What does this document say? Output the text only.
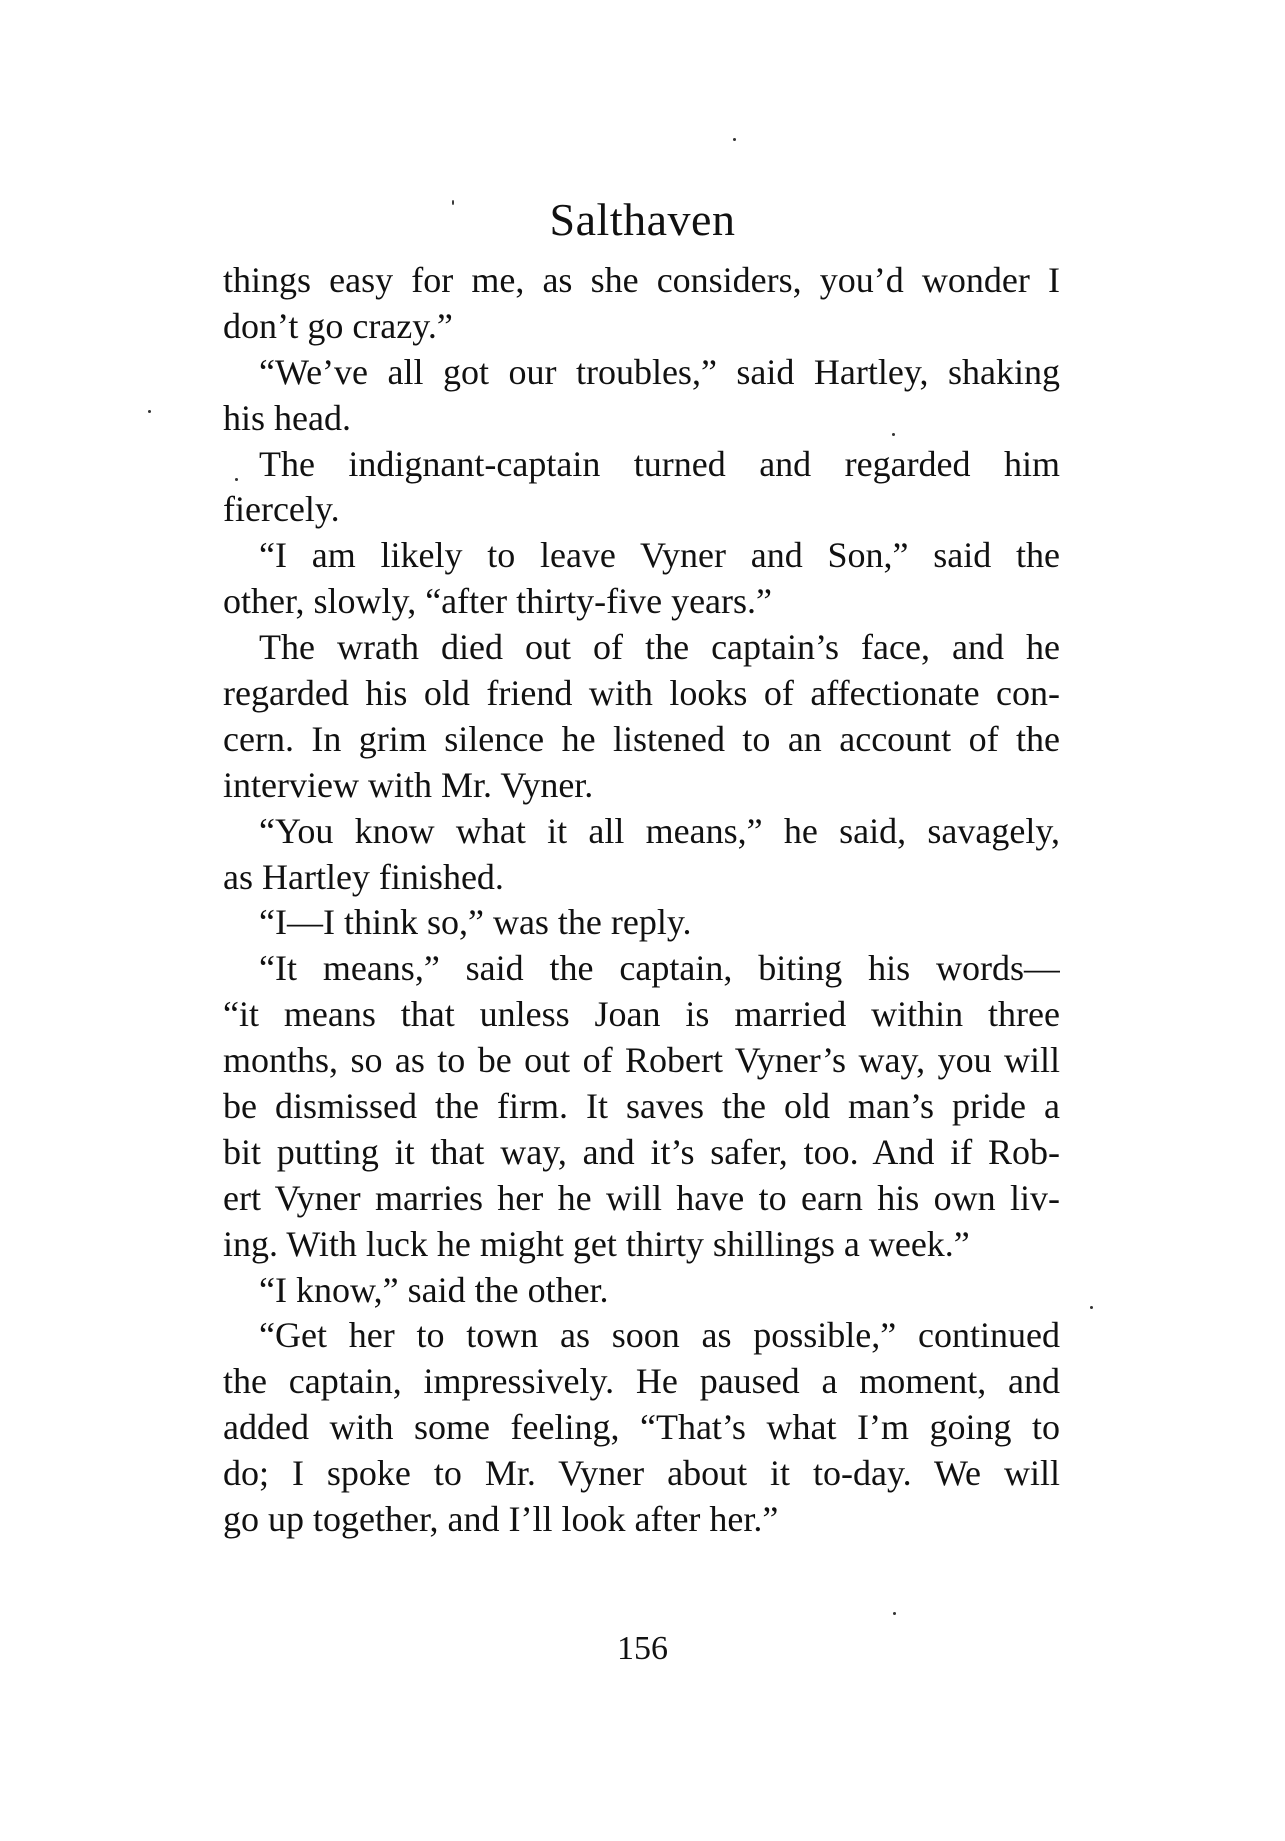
Salthaven
things easy for me, as she considers, you’d wonder I
don’t go crazy.”
“We’ve all got our troubles,” said Hartley, shaking
his head.
The indignant-captain turned and regarded him
fiercely.
“I am likely to leave Vyner and Son,” said the
other, slowly, “after thirty-five years.”
The wrath died out of the captain’s face, and he
regarded his old friend with looks of affectionate con-
cern. In grim silence he listened to an account of the
interview with Mr. Vyner.
“You know what it all means,” he said, savagely,
as Hartley finished.
“I—I think so,” was the reply.
“It means,” said the captain, biting his words—
“it means that unless Joan is married within three
months, so as to be out of Robert Vyner’s way, you will
be dismissed the firm. It saves the old man’s pride a
bit putting it that way, and it’s safer, too. And if Rob-
ert Vyner marries her he will have to earn his own liv-
ing. With luck he might get thirty shillings a week.”
“I know,” said the other.
“Get her to town as soon as possible,” continued
the captain, impressively. He paused a moment, and
added with some feeling, “That’s what I’m going to
do; I spoke to Mr. Vyner about it to-day. We will
go up together, and I’ll look after her.”
156
